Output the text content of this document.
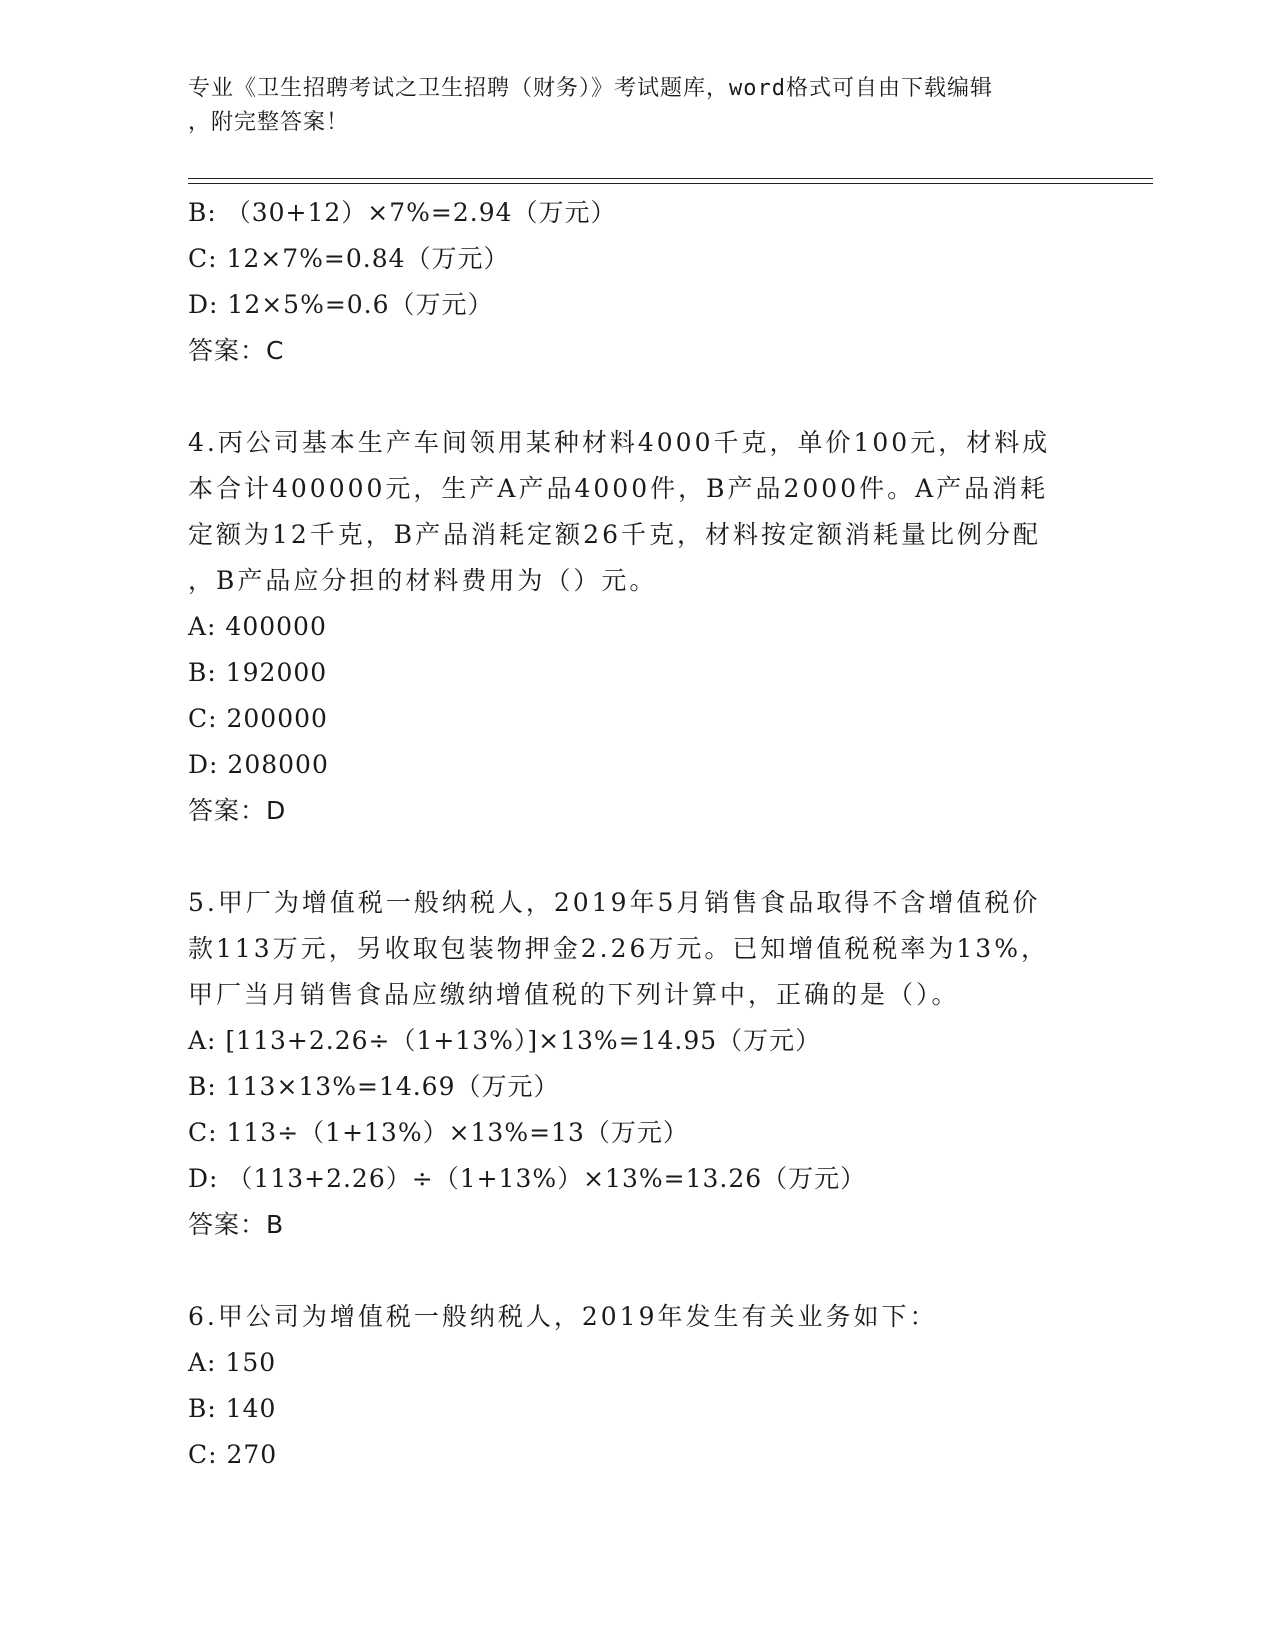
专业《卫生招聘考试之卫生招聘（财务）》考试题库，word格式可自由下载编辑
，附完整答案！
B: （30+12）×7%=2.94（万元）
C: 12×7%=0.84（万元）
D: 12×5%=0.6（万元）
答案：C
4.丙公司基本生产车间领用某种材料4000千克，单价100元，材料成
本合计400000元，生产A产品4000件，B产品2000件。A产品消耗
定额为12千克，B产品消耗定额26千克，材料按定额消耗量比例分配
，B产品应分担的材料费用为（）元。
A: 400000
B: 192000
C: 200000
D: 208000
答案：D
5.甲厂为增值税一般纳税人，2019年5月销售食品取得不含增值税价
款113万元，另收取包装物押金2.26万元。已知增值税税率为13%，
甲厂当月销售食品应缴纳增值税的下列计算中，正确的是（）。
A: [113+2.26÷（1+13%）]×13%=14.95（万元）
B: 113×13%=14.69（万元）
C: 113÷（1+13%）×13%=13（万元）
D: （113+2.26）÷（1+13%）×13%=13.26（万元）
答案：B
6.甲公司为增值税一般纳税人，2019年发生有关业务如下：
A: 150
B: 140
C: 270
